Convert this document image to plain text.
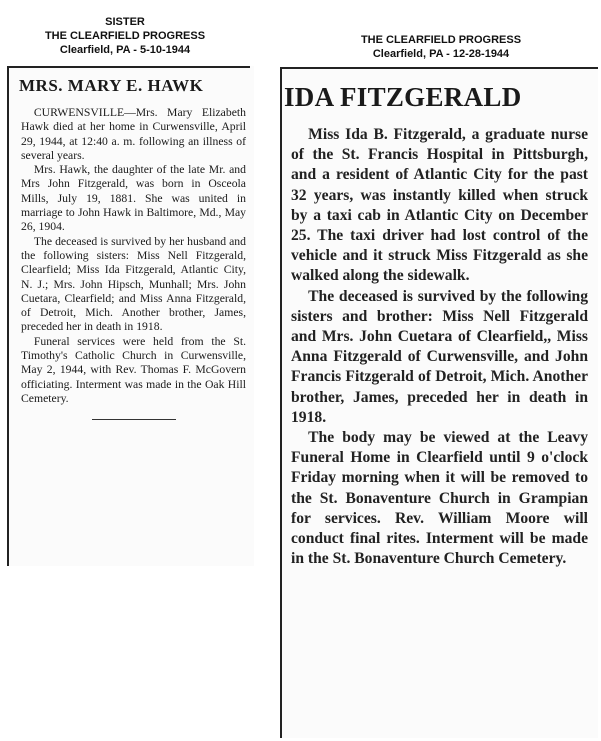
SISTER
THE CLEARFIELD PROGRESS
Clearfield, PA - 5-10-1944
THE CLEARFIELD PROGRESS
Clearfield, PA - 12-28-1944
MRS. MARY E. HAWK

CURWENSVILLE—Mrs. Mary Elizabeth Hawk died at her home in Curwensville, April 29, 1944, at 12:40 a. m. following an illness of several years.

Mrs. Hawk, the daughter of the late Mr. and Mrs John Fitzgerald, was born in Osceola Mills, July 19, 1881. She was united in marriage to John Hawk in Baltimore, Md., May 26, 1904.

The deceased is survived by her husband and the following sisters: Miss Nell Fitzgerald, Clearfield; Miss Ida Fitzgerald, Atlantic City, N. J.; Mrs. John Hipsch, Munhall; Mrs. John Cuetara, Clearfield; and Miss Anna Fitzgerald, of Detroit, Mich. Another brother, James, preceded her in death in 1918.

Funeral services were held from the St. Timothy's Catholic Church in Curwensville, May 2, 1944, with Rev. Thomas F. McGovern officiating. Interment was made in the Oak Hill Cemetery.

IDA FITZGERALD

Miss Ida B. Fitzgerald, a graduate nurse of the St. Francis Hospital in Pittsburgh, and a resident of Atlantic City for the past 32 years, was instantly killed when struck by a taxi cab in Atlantic City on December 25. The taxi driver had lost control of the vehicle and it struck Miss Fitzgerald as she walked along the sidewalk.

The deceased is survived by the following sisters and brother: Miss Nell Fitzgerald and Mrs. John Cuetara of Clearfield,, Miss Anna Fitzgerald of Curwensville, and John Francis Fitzgerald of Detroit, Mich. Another brother, James, preceded her in death in 1918.

The body may be viewed at the Leavy Funeral Home in Clearfield until 9 o'clock Friday morning when it will be removed to the St. Bonaventure Church in Grampian for services. Rev. William Moore will conduct final rites. Interment will be made in the St. Bonaventure Church Cemetery.
